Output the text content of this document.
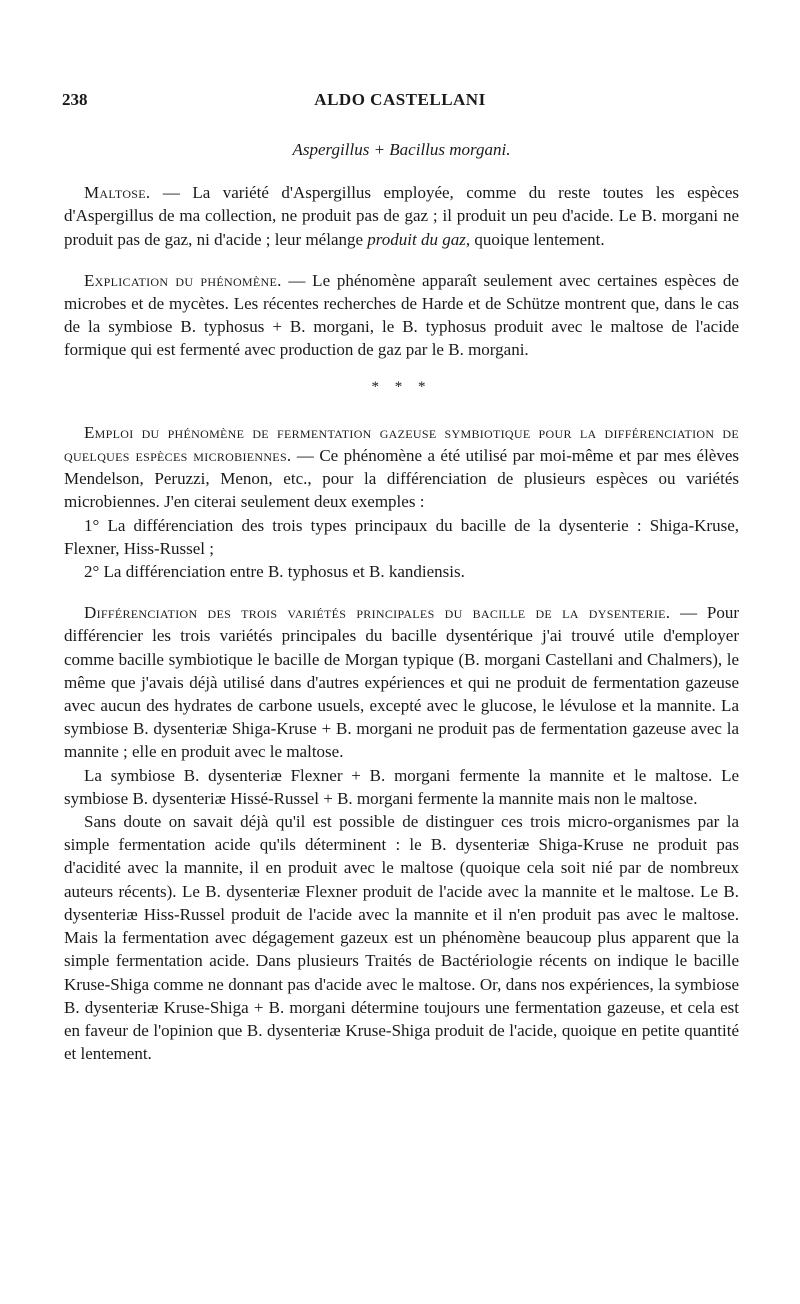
238	ALDO CASTELLANI
Aspergillus + Bacillus morgani.

Maltose. — La variété d'Aspergillus employée, comme du reste toutes les espèces d'Aspergillus de ma collection, ne produit pas de gaz ; il produit un peu d'acide. Le B. morgani ne produit pas de gaz, ni d'acide ; leur mélange produit du gaz, quoique lentement.

Explication du phénomène. — Le phénomène apparaît seulement avec certaines espèces de microbes et de mycètes. Les récentes recherches de Harde et de Schütze montrent que, dans le cas de la symbiose B. typhosus + B. morgani, le B. typhosus produit avec le maltose de l'acide formique qui est fermenté avec production de gaz par le B. morgani.

* * *

Emploi du phénomène de fermentation gazeuse symbiotique pour la différenciation de quelques espèces microbiennes. — Ce phénomène a été utilisé par moi-même et par mes élèves Mendelson, Peruzzi, Menon, etc., pour la différenciation de plusieurs espèces ou variétés microbiennes. J'en citerai seulement deux exemples :

1° La différenciation des trois types principaux du bacille de la dysenterie : Shiga-Kruse, Flexner, Hiss-Russel ;

2° La différenciation entre B. typhosus et B. kandiensis.

Différenciation des trois variétés principales du bacille de la dysenterie. — Pour différencier les trois variétés principales du bacille dysentérique j'ai trouvé utile d'employer comme bacille symbiotique le bacille de Morgan typique (B. morgani Castellani and Chalmers), le même que j'avais déjà utilisé dans d'autres expériences et qui ne produit de fermentation gazeuse avec aucun des hydrates de carbone usuels, excepté avec le glucose, le lévulose et la mannite. La symbiose B. dysenteriæ Shiga-Kruse + B. morgani ne produit pas de fermentation gazeuse avec la mannite ; elle en produit avec le maltose.

La symbiose B. dysenteriæ Flexner + B. morgani fermente la mannite et le maltose. Le symbiose B. dysenteriæ Hissé-Russel + B. morgani fermente la mannite mais non le maltose.

Sans doute on savait déjà qu'il est possible de distinguer ces trois micro-organismes par la simple fermentation acide qu'ils déterminent : le B. dysenteriæ Shiga-Kruse ne produit pas d'acidité avec la mannite, il en produit avec le maltose (quoique cela soit nié par de nombreux auteurs récents). Le B. dysenteriæ Flexner produit de l'acide avec la mannite et le maltose. Le B. dysenteriæ Hiss-Russel produit de l'acide avec la mannite et il n'en produit pas avec le maltose. Mais la fermentation avec dégagement gazeux est un phénomène beaucoup plus apparent que la simple fermentation acide. Dans plusieurs Traités de Bactériologie récents on indique le bacille Kruse-Shiga comme ne donnant pas d'acide avec le maltose. Or, dans nos expériences, la symbiose B. dysenteriæ Kruse-Shiga + B. morgani détermine toujours une fermentation gazeuse, et cela est en faveur de l'opinion que B. dysenteriæ Kruse-Shiga produit de l'acide, quoique en petite quantité et lentement.
